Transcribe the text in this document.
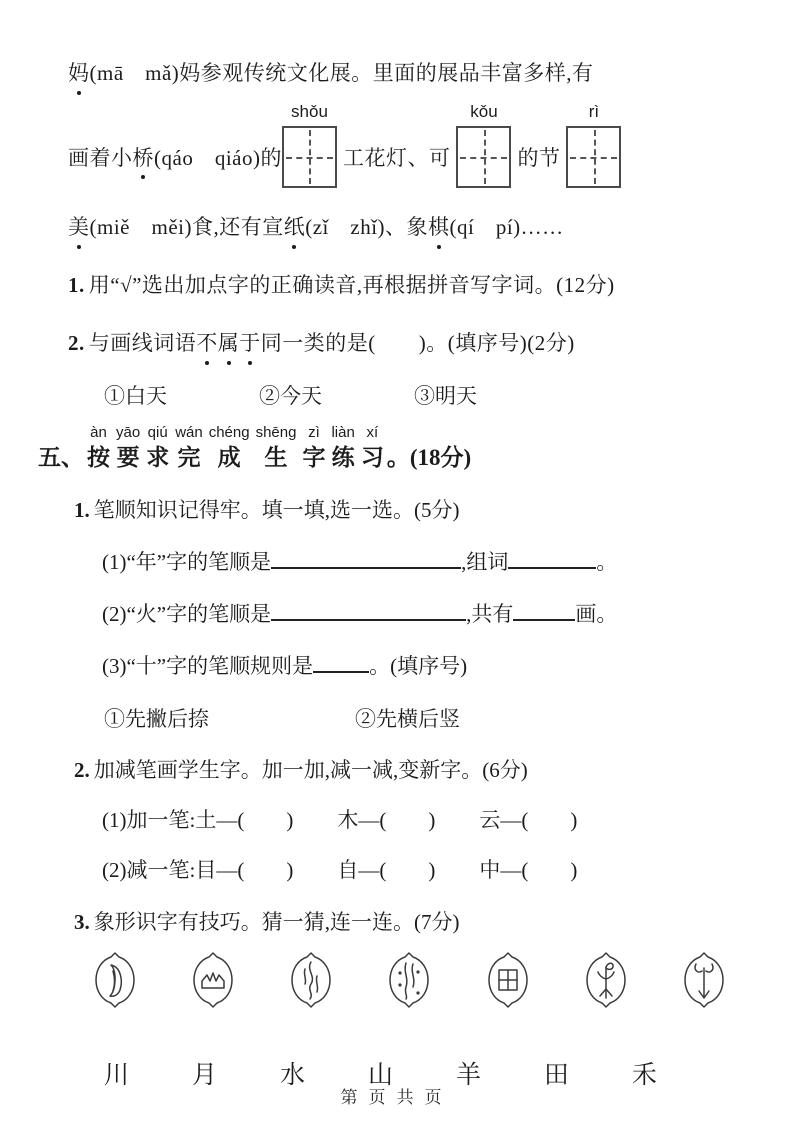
妈(mā　mǎ)妈参观传统文化展。里面的展品丰富多样,有
画着小 桥 (qáo　qiáo)的
shǒu
工花灯、可
kǒu
的节
rì
美(miě　měi)食,还有宣纸(zǐ　zhǐ)、象棋(qí　pí)……
1. 用“√”选出加点字的正确读音,再根据拼音写字词。(12分)
2. 与画线词语不属于同一类的是(　　)。(填序号)(2分)
①白天	②今天	③明天
五、
àn
按
yāo
要
qiú
求
wán
完
chéng
成
shēng
生
zì
字
liàn
练
xí
习 。(18分)
1. 笔顺知识记得牢。填一填,选一选。(5分)
(1)“年”字的笔顺是	,组词	。
(2)“火”字的笔顺是	,共有	画。
(3)“十”字的笔顺规则是	。(填序号)
①先撇后捺	②先横后竖
2. 加减笔画学生字。加一加,减一减,变新字。(6分)
(1)加一笔:土—(　　) 木—(　　) 云—(　　)
(2)减一笔:目—(　　) 自—(　　) 中—(　　)
3. 象形识字有技巧。猜一猜,连一连。(7分)
川	月	水	山	羊	田	禾
第页共页
